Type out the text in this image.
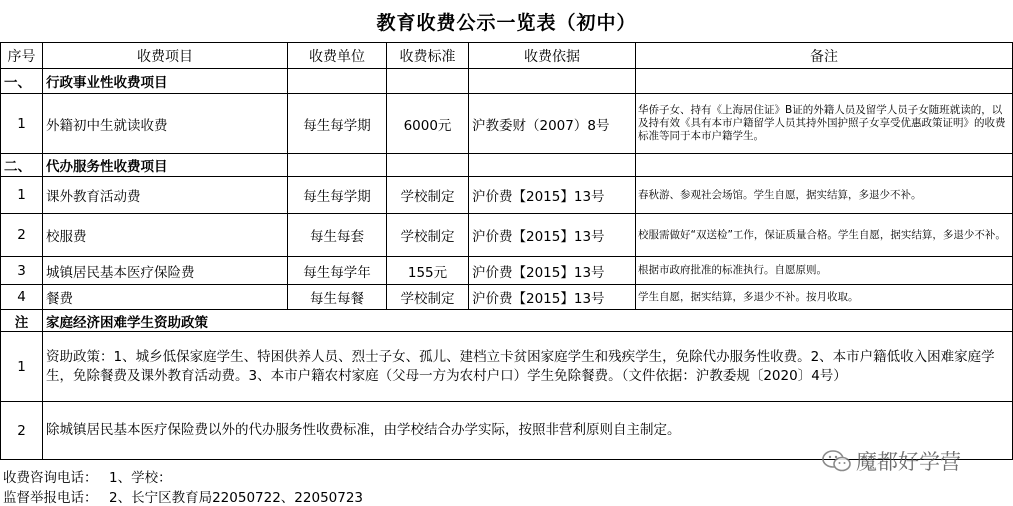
教育收费公示一览表（初中）
序号	收费项目	收费单位	收费标准	收费依据	备注
一、	行政事业性收费项目				
1	外籍初中生就读收费	每生每学期	6000元	沪教委财（2007）8号	华侨子女、持有《上海居住证》B证的外籍人员及留学人员子女随班就读的，以及持有效《具有本市户籍留学人员其持外国护照子女享受优惠政策证明》的收费标准等同于本市户籍学生。
二、	代办服务性收费项目				
1	课外教育活动费	每生每学期	学校制定	沪价费【2015】13号	春秋游、参观社会场馆。学生自愿，据实结算，多退少不补。
2	校服费	每生每套	学校制定	沪价费【2015】13号	校服需做好“双送检”工作，保证质量合格。学生自愿，据实结算，多退少不补。
3	城镇居民基本医疗保险费	每生每学年	155元	沪价费【2015】13号	根据市政府批准的标准执行。自愿原则。
4	餐费	每生每餐	学校制定	沪价费【2015】13号	学生自愿，据实结算，多退少不补。按月收取。
注	家庭经济困难学生资助政策				
1	资助政策：1、城乡低保家庭学生、特困供养人员、烈士子女、孤儿、建档立卡贫困家庭学生和残疾学生，免除代办服务性收费。2、本市户籍低收入困难家庭学生，免除餐费及课外教育活动费。3、本市户籍农村家庭（父母一方为农村户口）学生免除餐费。（文件依据：沪教委规〔2020〕4号）				
2	除城镇居民基本医疗保险费以外的代办服务性收费标准，由学校结合办学实际，按照非营利原则自主制定。				
收费咨询电话： 1、学校：
监督举报电话： 2、长宁区教育局22050722、22050723
魔都好学营
